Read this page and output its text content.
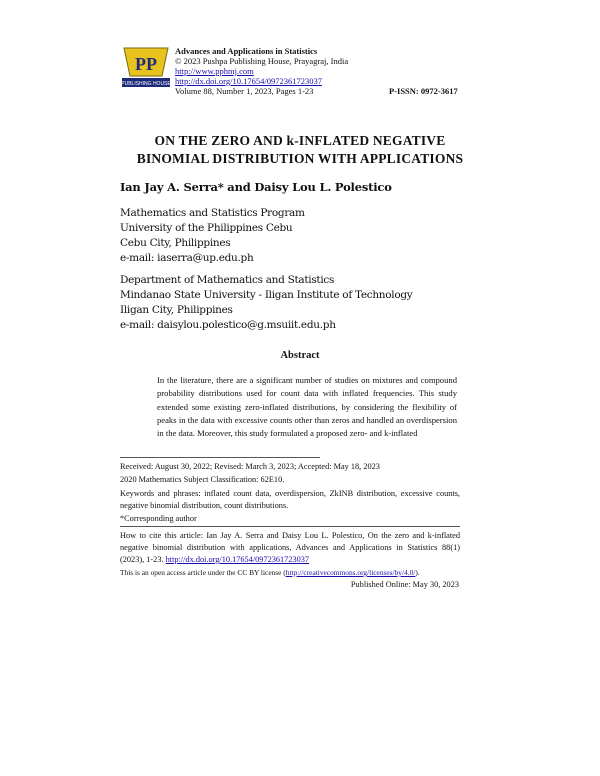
PP
PUBLISHING HOUSE
Advances and Applications in Statistics
© 2023 Pushpa Publishing House, Prayagraj, India
http://www.pphmj.com
http://dx.doi.org/10.17654/0972361723037
Volume 88, Number 1, 2023, Pages 1-23	P-ISSN: 0972-3617
ON THE ZERO AND k-INFLATED NEGATIVE
BINOMIAL DISTRIBUTION WITH APPLICATIONS
Ian Jay A. Serra* and Daisy Lou L. Polestico
Mathematics and Statistics Program
University of the Philippines Cebu
Cebu City, Philippines
e-mail: iaserra@up.edu.ph
Department of Mathematics and Statistics
Mindanao State University - Iligan Institute of Technology
Iligan City, Philippines
e-mail: daisylou.polestico@g.msuiit.edu.ph
Abstract
In the literature, there are a significant number of studies on mixtures and compound probability distributions used for count data with inflated frequencies. This study extended some existing zero-inflated distributions, by considering the flexibility of peaks in the data with excessive counts other than zeros and handled an overdispersion in the data. Moreover, this study formulated a proposed zero- and k-inflated
Received: August 30, 2022; Revised: March 3, 2023; Accepted: May 18, 2023
2020 Mathematics Subject Classification: 62E10.
Keywords and phrases: inflated count data, overdispersion, ZkINB distribution, excessive counts, negative binomial distribution, count distributions.
*Corresponding author
How to cite this article: Ian Jay A. Serra and Daisy Lou L. Polestico, On the zero and k-inflated negative binomial distribution with applications, Advances and Applications in Statistics 88(1) (2023), 1-23. http://dx.doi.org/10.17654/0972361723037
This is an open access article under the CC BY license (http://creativecommons.org/licenses/by/4.0/).
Published Online: May 30, 2023
